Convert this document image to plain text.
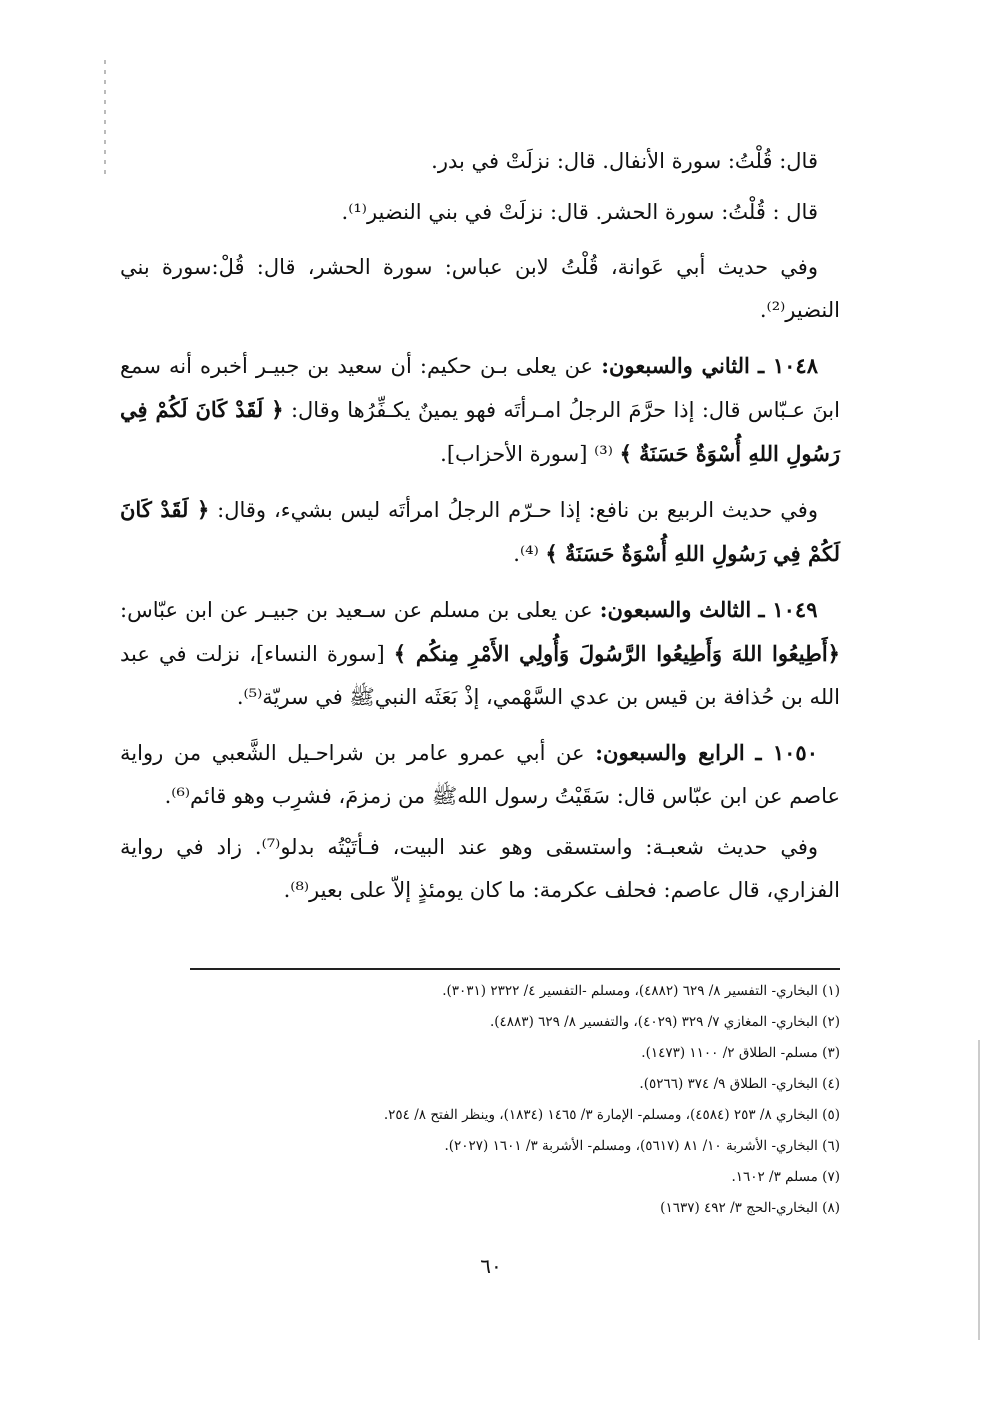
قال: قُلْتُ: سورة الأنفال. قال: نزلَتْ في بدر.

قال : قُلْتُ: سورة الحشر. قال: نزلَتْ في بني النضير⁽¹⁾.

وفي حديث أبي عَوانة، قُلْتُ لابن عباس: سورة الحشر، قال: قُلْ:سورة بني النضير⁽²⁾.

١٠٤٨ ـ الثاني والسبعون: عن يعلى بـن حكيم: أن سعيد بن جبيـر أخبره أنه سمع ابنَ عـبّاس قال: إذا حرَّمَ الرجلُ امـرأتَه فهو يمينٌ يكـفِّرُها وقال: ﴿ لَقَدْ كَانَ لَكُمْ فِي رَسُولِ اللهِ أُسْوَةٌ حَسَنَةٌ ﴾ ⁽³⁾ [سورة الأحزاب].

وفي حديث الربيع بن نافع: إذا حـرّم الرجلُ امرأتَه ليس بشيء، وقال: ﴿ لَقَدْ كَانَ لَكُمْ فِي رَسُولِ اللهِ أُسْوَةٌ حَسَنَةٌ ﴾ ⁽⁴⁾.

١٠٤٩ ـ الثالث والسبعون: عن يعلى بن مسلم عن سـعيد بن جبيـر عن ابن عبّاس: ﴿أَطِيعُوا اللهَ وَأَطِيعُوا الرَّسُولَ وَأُولِي الأَمْرِ مِنكُم ﴾ [سورة النساء]، نزلت في عبد الله بن حُذافة بن قيس بن عدي السَّهْمي، إذْ بَعَثَه النبيﷺ في سريّة⁽⁵⁾.

١٠٥٠ ـ الرابع والسبعون: عن أبي عمرو عامر بن شراحـيل الشَّعبي من رواية عاصم عن ابن عبّاس قال: سَقَيْتُ رسول اللهﷺ من زمزمَ، فشرِب وهو قائم⁽⁶⁾.

وفي حديث شعبـة: واستسقى وهو عند البيت، فـأتَيْتُه بدلو⁽⁷⁾. زاد في رواية الفزاري، قال عاصم: فحلف عكرمة: ما كان يومئذٍ إلاّ على بعير⁽⁸⁾.

(١) البخاري- التفسير ٨/ ٦٢٩ (٤٨٨٢)، ومسلم -التفسير ٤/ ٢٣٢٢ (٣٠٣١).

(٢) البخاري- المغازي ٧/ ٣٢٩ (٤٠٢٩)، والتفسير ٨/ ٦٢٩ (٤٨٨٣).

(٣) مسلم- الطلاق ٢/ ١١٠٠ (١٤٧٣).

(٤) البخاري- الطلاق ٩/ ٣٧٤ (٥٢٦٦).

(٥) البخاري ٨/ ٢٥٣ (٤٥٨٤)، ومسلم- الإمارة ٣/ ١٤٦٥ (١٨٣٤)، وينظر الفتح ٨/ ٢٥٤.

(٦) البخاري- الأشربة ١٠/ ٨١ (٥٦١٧)، ومسلم- الأشربة ٣/ ١٦٠١ (٢٠٢٧).

(٧) مسلم ٣/ ١٦٠٢.

(٨) البخاري-الحج ٣/ ٤٩٢ (١٦٣٧)

٦٠
